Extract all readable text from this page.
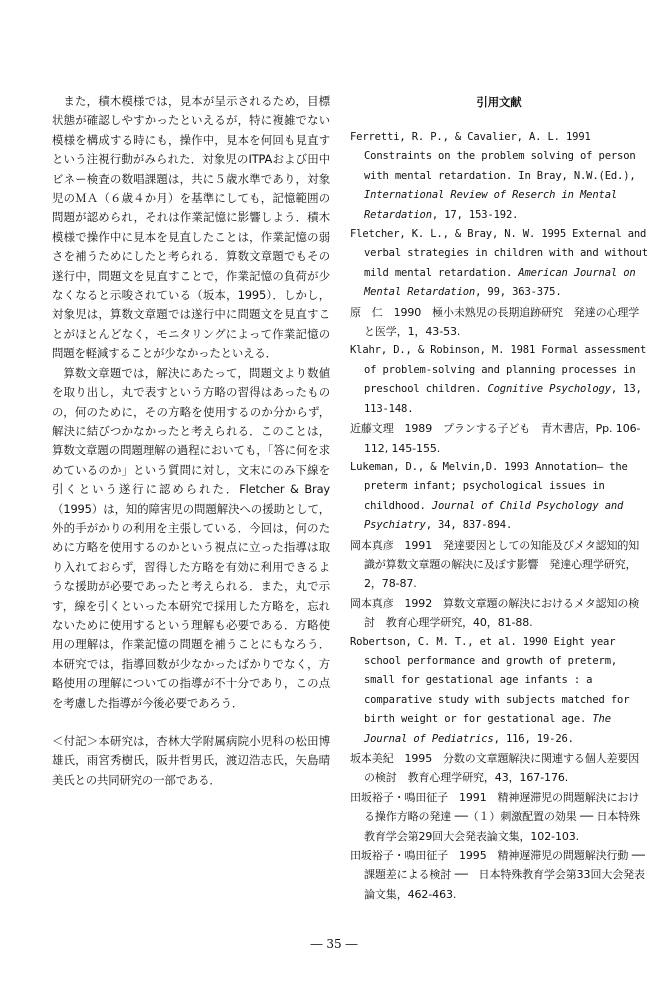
また，積木模様では，見本が呈示されるため，目標状態が確認しやすかったといえるが，特に複雑でない模様を構成する時にも，操作中，見本を何回も見直すという注視行動がみられた．対象児のITPAおよび田中ビネー検査の数唱課題は，共に５歳水準であり，対象児のＭＡ（６歳４か月）を基準にしても，記憶範囲の問題が認められ，それは作業記憶に影響しよう．積木模様で操作中に見本を見直したことは，作業記憶の弱さを補うためにしたと考られる．算数文章題でもその遂行中，問題文を見直すことで，作業記憶の負荷が少なくなると示唆されている（坂本，1995）．しかし，対象児は，算数文章題では遂行中に問題文を見直すことがほとんどなく，モニタリングによって作業記憶の問題を軽減することが少なかったといえる．

算数文章題では，解決にあたって，問題文より数値を取り出し，丸で表すという方略の習得はあったものの，何のために，その方略を使用するのか分からず，解決に結びつかなかったと考えられる．このことは，算数文章題の問題理解の過程においても，「答に何を求めているのか」という質問に対し，文末にのみ下線を引くという遂行に認められた．Fletcher & Bray（1995）は，知的障害児の問題解決への援助として，外的手がかりの利用を主張している．今回は，何のために方略を使用するのかという視点に立った指導は取り入れておらず，習得した方略を有効に利用できるような援助が必要であったと考えられる．また，丸で示す，線を引くといった本研究で採用した方略を，忘れないために使用するという理解も必要である．方略使用の理解は，作業記憶の問題を補うことにもなろう．本研究では，指導回数が少なかったばかりでなく，方略使用の理解についての指導が不十分であり，この点を考慮した指導が今後必要であろう．

＜付記＞本研究は，杏林大学附属病院小児科の松田博雄氏，雨宮秀樹氏，阪井哲男氏，渡辺浩志氏，矢島晴美氏との共同研究の一部である．

引用文献

Ferretti, R. P., & Cavalier, A. L. 1991 Constraints on the problem solving of person with mental retardation. In Bray, N.W.(Ed.), International Review of Reserch in Mental Retardation, 17, 153-192.

Fletcher, K. L., & Bray, N. W. 1995 External and verbal strategies in children with and without mild mental retardation. American Journal on Mental Retardation, 99, 363-375.

原　仁　1990　極小未熟児の長期追跡研究　発達の心理学と医学，1，43-53.

Klahr, D., & Robinson, M. 1981 Formal assessment of problem-solving and planning processes in preschool children. Cognitive Psychology, 13, 113-148.

近藤文理　1989　プランする子ども　青木書店，Pp. 106-112, 145-155.

Lukeman, D., & Melvin,D. 1993 Annotation— the preterm infant; psychological issues in childhood. Journal of Child Psychology and Psychiatry, 34, 837-894.

岡本真彦　1991　発達要因としての知能及びメタ認知的知識が算数文章題の解決に及ぼす影響　発達心理学研究，2，78-87.

岡本真彦　1992　算数文章題の解決におけるメタ認知の検討　教育心理学研究，40，81-88.

Robertson, C. M. T., et al. 1990 Eight year school performance and growth of preterm, small for gestational age infants : a comparative study with subjects matched for birth weight or for gestational age. The Journal of Pediatrics, 116, 19-26.

坂本美紀　1995　分数の文章題解決に関連する個人差要因の検討　教育心理学研究，43，167-176.

田坂裕子・鳴田征子　1991　精神遅滞児の問題解決における操作方略の発達 ──（１）刺激配置の効果 ── 日本特殊教育学会第29回大会発表論文集，102-103.

田坂裕子・鳴田征子　1995　精神遅滞児の問題解決行動 ── 課題差による検討 ──　日本特殊教育学会第33回大会発表論文集，462-463.

― 35 ―
